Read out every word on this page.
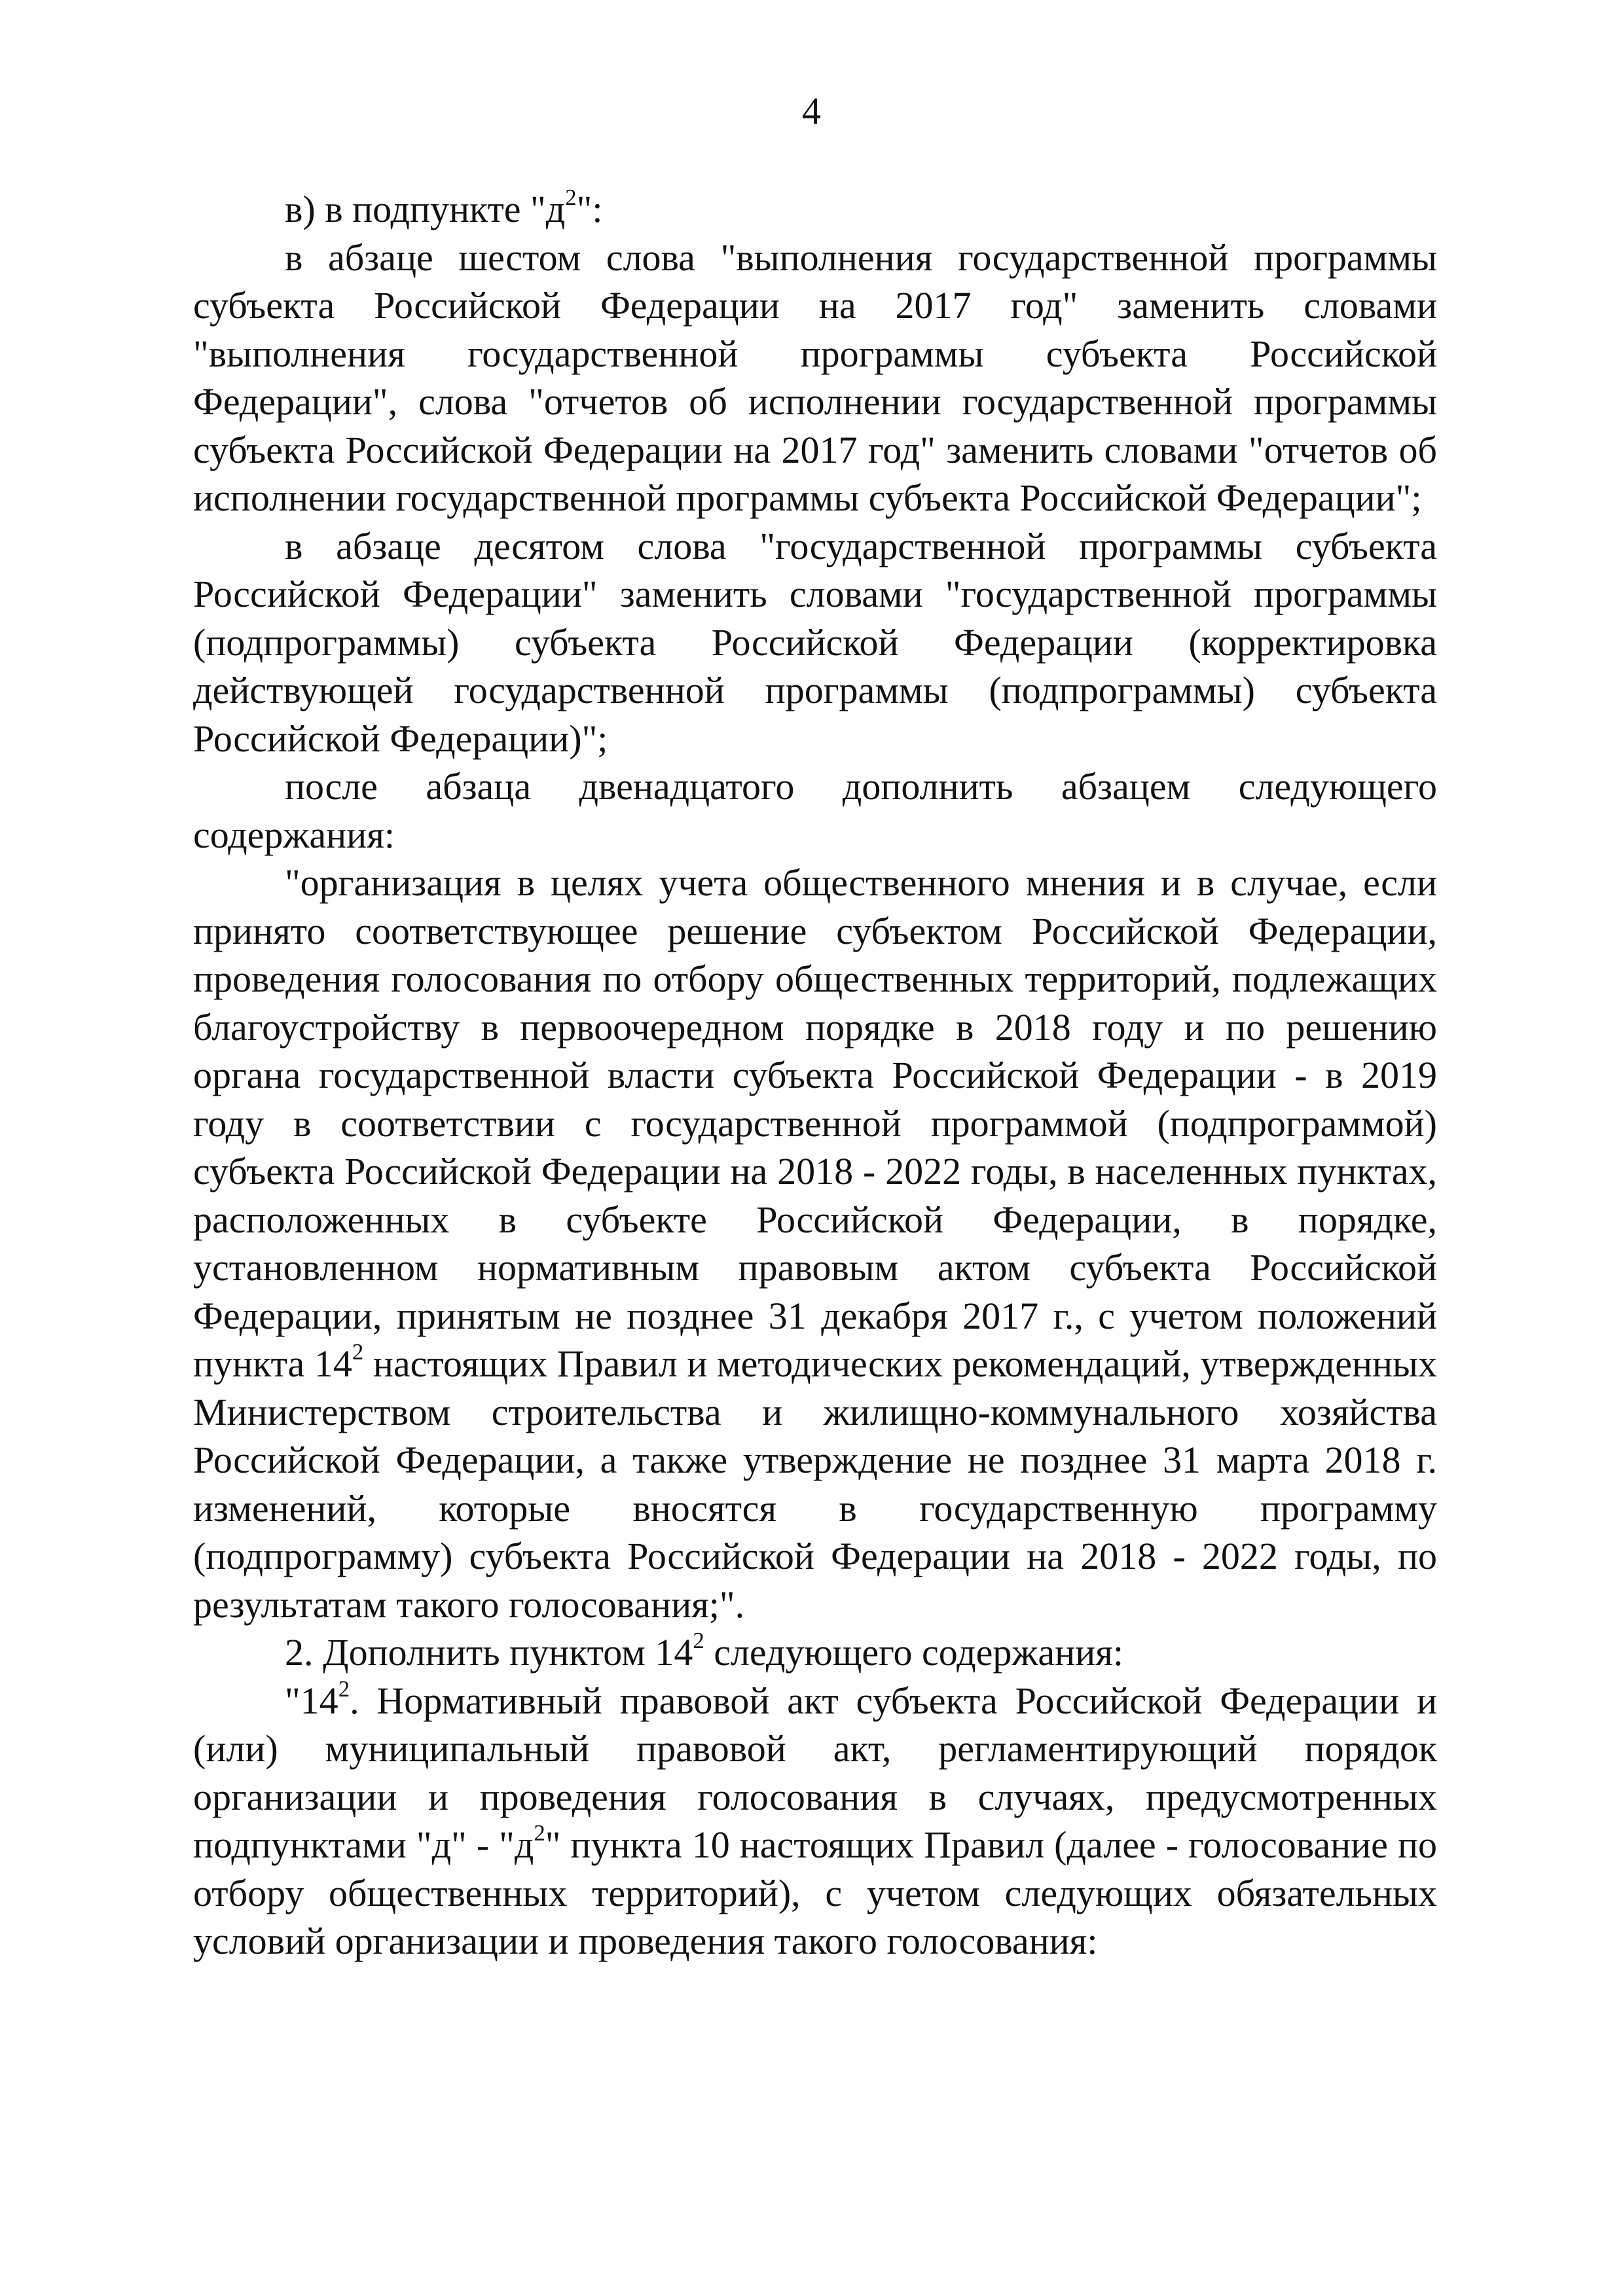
4

в) в подпункте "$д^2$":

в абзаце шестом слова "выполнения государственной программы субъекта Российской Федерации на 2017 год" заменить словами "выполнения государственной программы субъекта Российской Федерации", слова "отчетов об исполнении государственной программы субъекта Российской Федерации на 2017 год" заменить словами "отчетов об исполнении государственной программы субъекта Российской Федерации";

в абзаце десятом слова "государственной программы субъекта Российской Федерации" заменить словами "государственной программы (подпрограммы) субъекта Российской Федерации (корректировка действующей государственной программы (подпрограммы) субъекта Российской Федерации)";

после абзаца двенадцатого дополнить абзацем следующего содержания:

"организация в целях учета общественного мнения и в случае, если принято соответствующее решение субъектом Российской Федерации, проведения голосования по отбору общественных территорий, подлежащих благоустройству в первоочередном порядке в 2018 году и по решению органа государственной власти субъекта Российской Федерации - в 2019 году в соответствии с государственной программой (подпрограммой) субъекта Российской Федерации на 2018 - 2022 годы, в населенных пунктах, расположенных в субъекте Российской Федерации, в порядке, установленном нормативным правовым актом субъекта Российской Федерации, принятым не позднее 31 декабря 2017 г., с учетом положений пункта $14^2$ настоящих Правил и методических рекомендаций, утвержденных Министерством строительства и жилищно-коммунального хозяйства Российской Федерации, а также утверждение не позднее 31 марта 2018 г. изменений, которые вносятся в государственную программу (подпрограмму) субъекта Российской Федерации на 2018 - 2022 годы, по результатам такого голосования;".

2. Дополнить пунктом $14^2$ следующего содержания:

"$14^2$. Нормативный правовой акт субъекта Российской Федерации и (или) муниципальный правовой акт, регламентирующий порядок организации и проведения голосования в случаях, предусмотренных подпунктами "д" - "$д^2$" пункта 10 настоящих Правил (далее - голосование по отбору общественных территорий), с учетом следующих обязательных условий организации и проведения такого голосования:
